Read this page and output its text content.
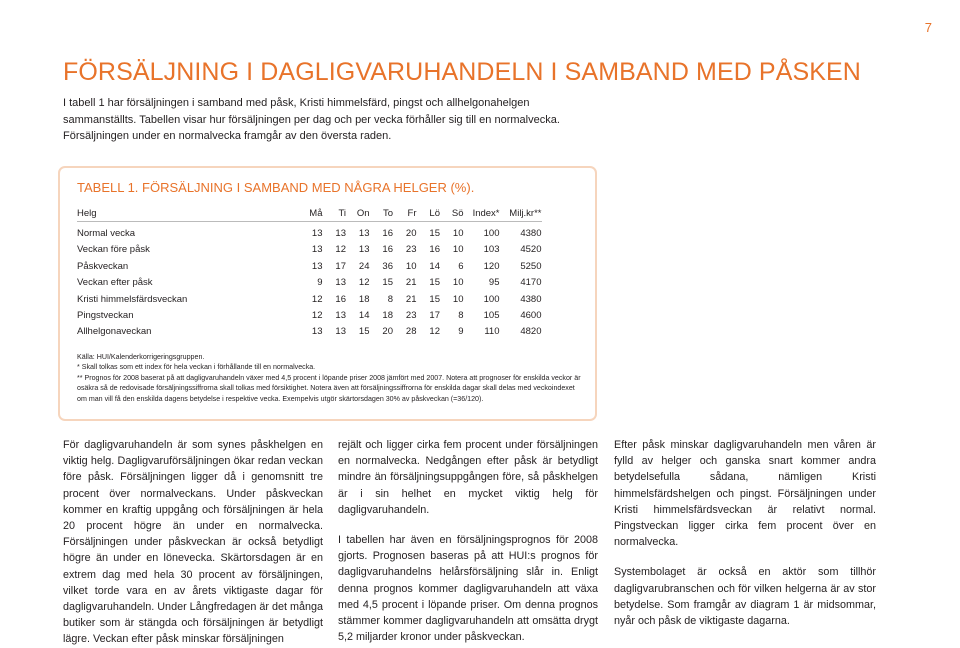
7
FÖRSÄLJNING I DAGLIGVARUHANDELN I SAMBAND MED PÅSKEN

I tabell 1 har försäljningen i samband med påsk, Kristi himmelsfärd, pingst och allhelgonahelgen sammanställts. Tabellen visar hur försäljningen per dag och per vecka förhåller sig till en normalvecka. Försäljningen under en normalvecka framgår av den översta raden.

TABELL 1. FÖRSÄLJNING I SAMBAND MED NÅGRA HELGER (%).
Helg	Må	Ti	On	To	Fr	Lö	Sö	Index*	Milj.kr**
Normal vecka	13	13	13	16	20	15	10	100	4380
Veckan före påsk	13	12	13	16	23	16	10	103	4520
Påskveckan	13	17	24	36	10	14	6	120	5250
Veckan efter påsk	9	13	12	15	21	15	10	95	4170
Kristi himmelsfärdsveckan	12	16	18	8	21	15	10	100	4380
Pingstveckan	12	13	14	18	23	17	8	105	4600
Allhelgonaveckan	13	13	15	20	28	12	9	110	4820

Källa: HUI/Kalenderkorrigeringsgruppen.

* Skall tolkas som ett index för hela veckan i förhållande till en normalvecka.

** Prognos för 2008 baserat på att dagligvaruhandeln växer med 4,5 procent i löpande priser 2008 jämfört med 2007. Notera att prognoser för enskilda veckor är osäkra så de redovisade försäljningssiffrorna skall tolkas med försiktighet. Notera även att försäljningssiffrorna för enskilda dagar skall delas med veckoindexet om man vill få den enskilda dagens betydelse i respektive vecka. Exempelvis utgör skärtorsdagen 30% av påskveckan (=36/120).

För dagligvaruhandeln är som synes påskhelgen en viktig helg. Dagligvaruförsäljningen ökar redan veckan före påsk. Försäljningen ligger då i genomsnitt tre procent över normalveckans. Under påskveckan kommer en kraftig uppgång och försäljningen är hela 20 procent högre än under en normalvecka. Försäljningen under påskveckan är också betydligt högre än under en lönevecka. Skärtorsdagen är en extrem dag med hela 30 procent av försäljningen, vilket torde vara en av årets viktigaste dagar för dagligvaruhandeln. Under Långfredagen är det många butiker som är stängda och försäljningen är betydligt lägre. Veckan efter påsk minskar försäljningen

rejält och ligger cirka fem procent under försäljningen en normalvecka. Nedgången efter påsk är betydligt mindre än försäljningsuppgången före, så påskhelgen är i sin helhet en mycket viktig helg för dagligvaruhandeln.

I tabellen har även en försäljningsprognos för 2008 gjorts. Prognosen baseras på att HUI:s prognos för dagligvaruhandelns helårsförsäljning slår in. Enligt denna prognos kommer dagligvaruhandeln att växa med 4,5 procent i löpande priser. Om denna prognos stämmer kommer dagligvaruhandeln att omsätta drygt 5,2 miljarder kronor under påskveckan.

Efter påsk minskar dagligvaruhandeln men våren är fylld av helger och ganska snart kommer andra betydelsefulla sådana, nämligen Kristi himmelsfärdshelgen och pingst. Försäljningen under Kristi himmelsfärdsveckan är relativt normal. Pingstveckan ligger cirka fem procent över en normalvecka.

Systembolaget är också en aktör som tillhör dagligvarubranschen och för vilken helgerna är av stor betydelse. Som framgår av diagram 1 är midsommar, nyår och påsk de viktigaste dagarna.
